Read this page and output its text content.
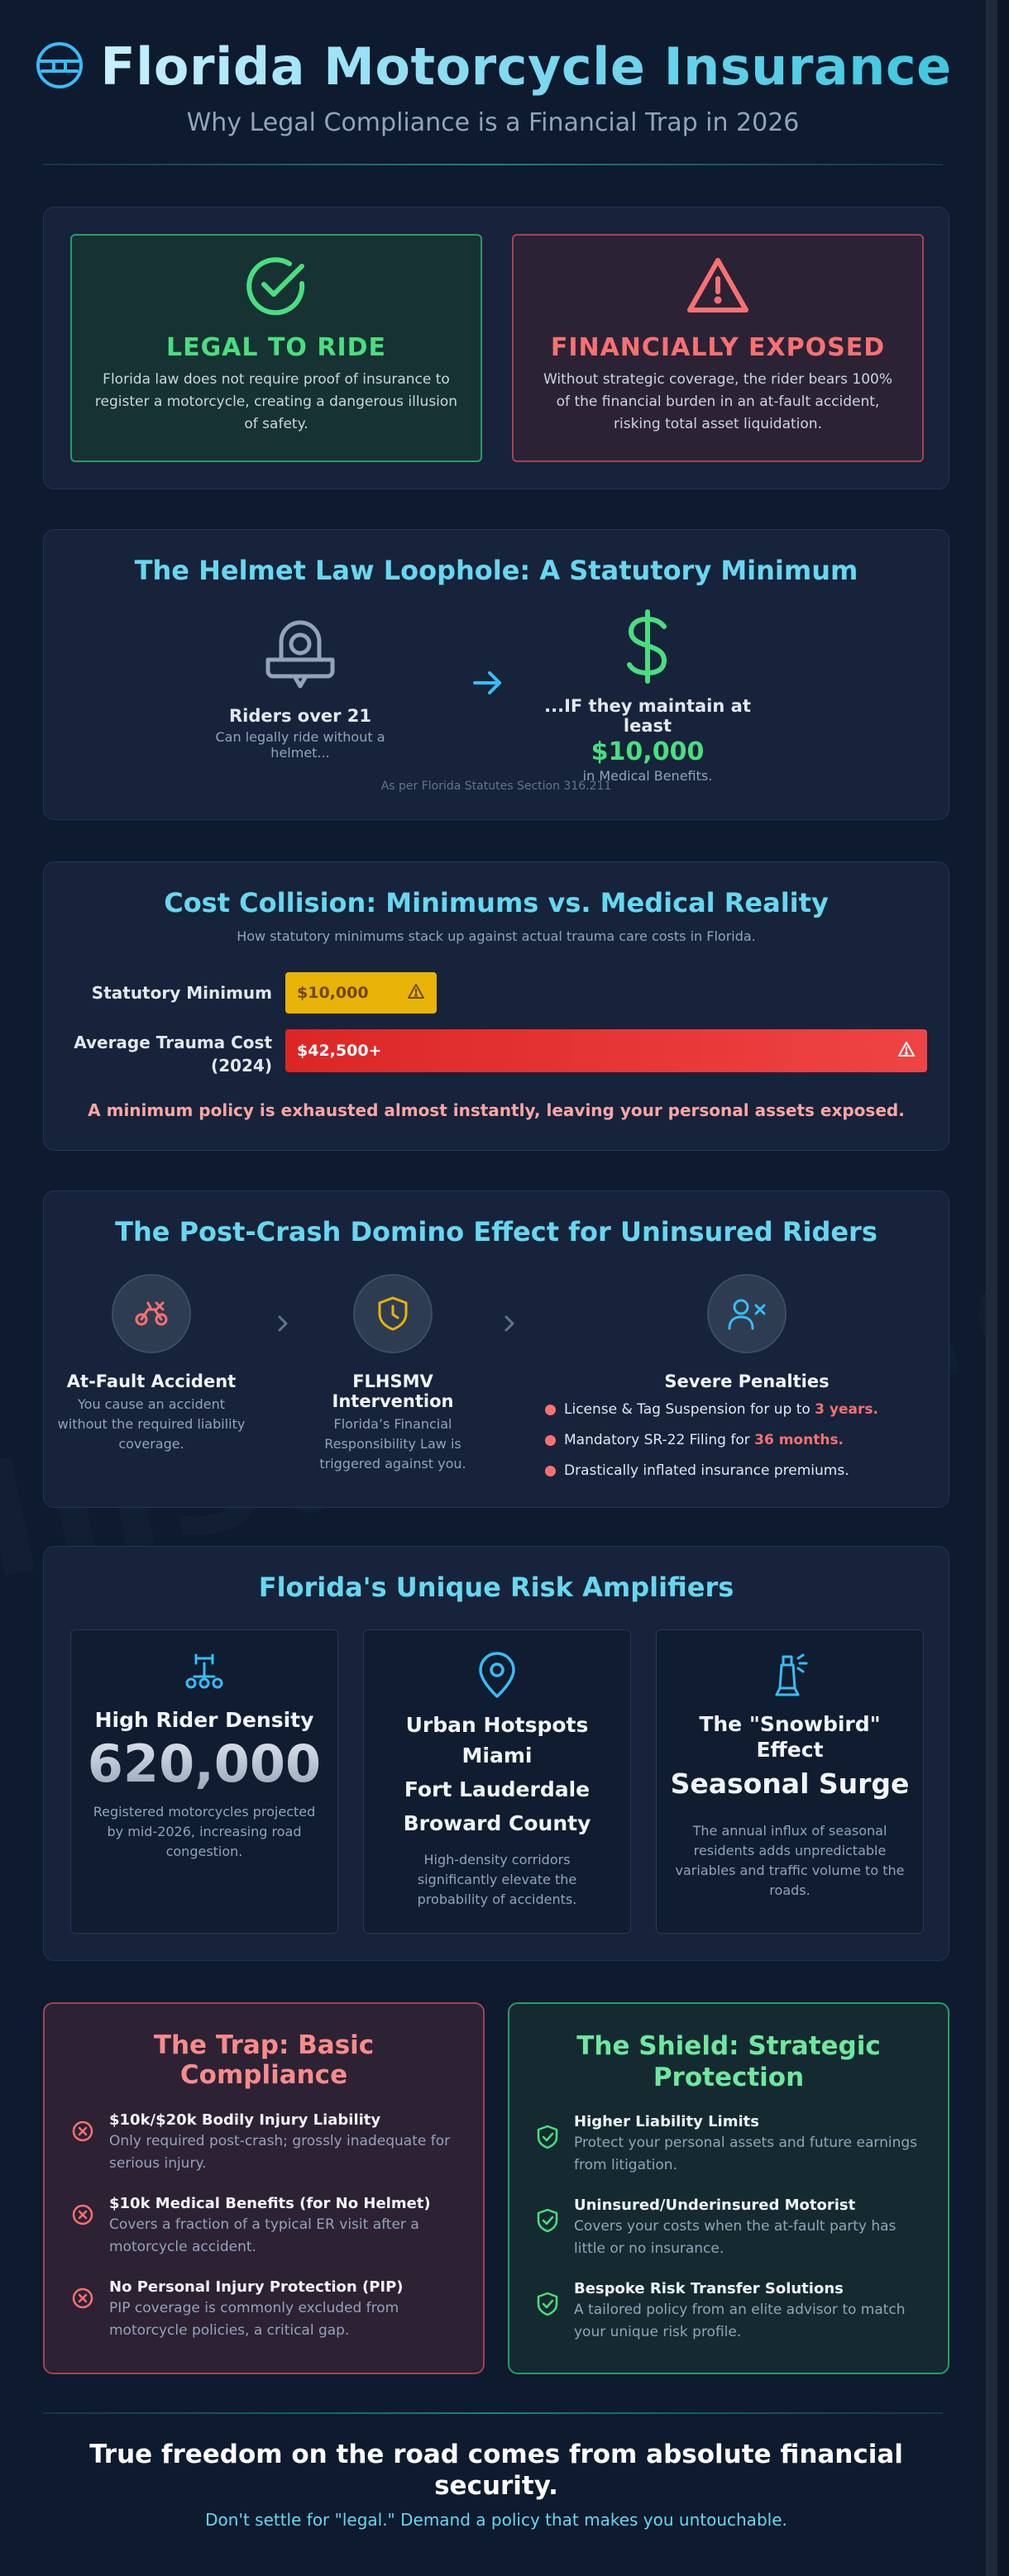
Florida Motorcycle Insurance
Why Legal Compliance is a Financial Trap in 2026
LEGAL TO RIDE
Florida law does not require proof of insurance to register a motorcycle, creating a dangerous illusion of safety.
FINANCIALLY EXPOSED
Without strategic coverage, the rider bears 100% of the financial burden in an at-fault accident, risking total asset liquidation.
The Helmet Law Loophole: A Statutory Minimum
Riders over 21
Can legally ride without a helmet...
...IF they maintain at least
$10,000
in Medical Benefits.
As per Florida Statutes Section 316.211
Cost Collision: Minimums vs. Medical Reality
How statutory minimums stack up against actual trauma care costs in Florida.
Statutory Minimum $10,000
Average Trauma Cost
(2024)
$42,500+
A minimum policy is exhausted almost instantly, leaving your personal assets exposed.
The Post-Crash Domino Effect for Uninsured Riders
At-Fault Accident
You cause an accident
without the required liability
coverage.
FLHSMV Intervention
Florida’s Financial
Responsibility Law is
triggered against you.
Severe Penalties
License & Tag Suspension for up to 3 years.
Mandatory SR-22 Filing for 36 months.
Drastically inflated insurance premiums.
Florida's Unique Risk Amplifiers
High Rider Density
620,000
Registered motorcycles projected by mid-2026, increasing road congestion.
Urban Hotspots
Miami
Fort Lauderdale
Broward County
High-density corridors significantly elevate the probability of accidents.
The "Snowbird"
Effect
Seasonal Surge
The annual influx of seasonal residents adds unpredictable variables and traffic volume to the roads.
The Trap: Basic Compliance
$10k/$20k Bodily Injury Liability
Only required post-crash; grossly inadequate for serious injury.
$10k Medical Benefits (for No Helmet)
Covers a fraction of a typical ER visit after a motorcycle accident.
No Personal Injury Protection (PIP)
PIP coverage is commonly excluded from motorcycle policies, a critical gap.
The Shield: Strategic
Protection
Higher Liability Limits
Protect your personal assets and future earnings from litigation.
Uninsured/Underinsured Motorist
Covers your costs when the at-fault party has little or no insurance.
Bespoke Risk Transfer Solutions
A tailored policy from an elite advisor to match your unique risk profile.
True freedom on the road comes from absolute financial
security.
Don't settle for "legal." Demand a policy that makes you untouchable.
